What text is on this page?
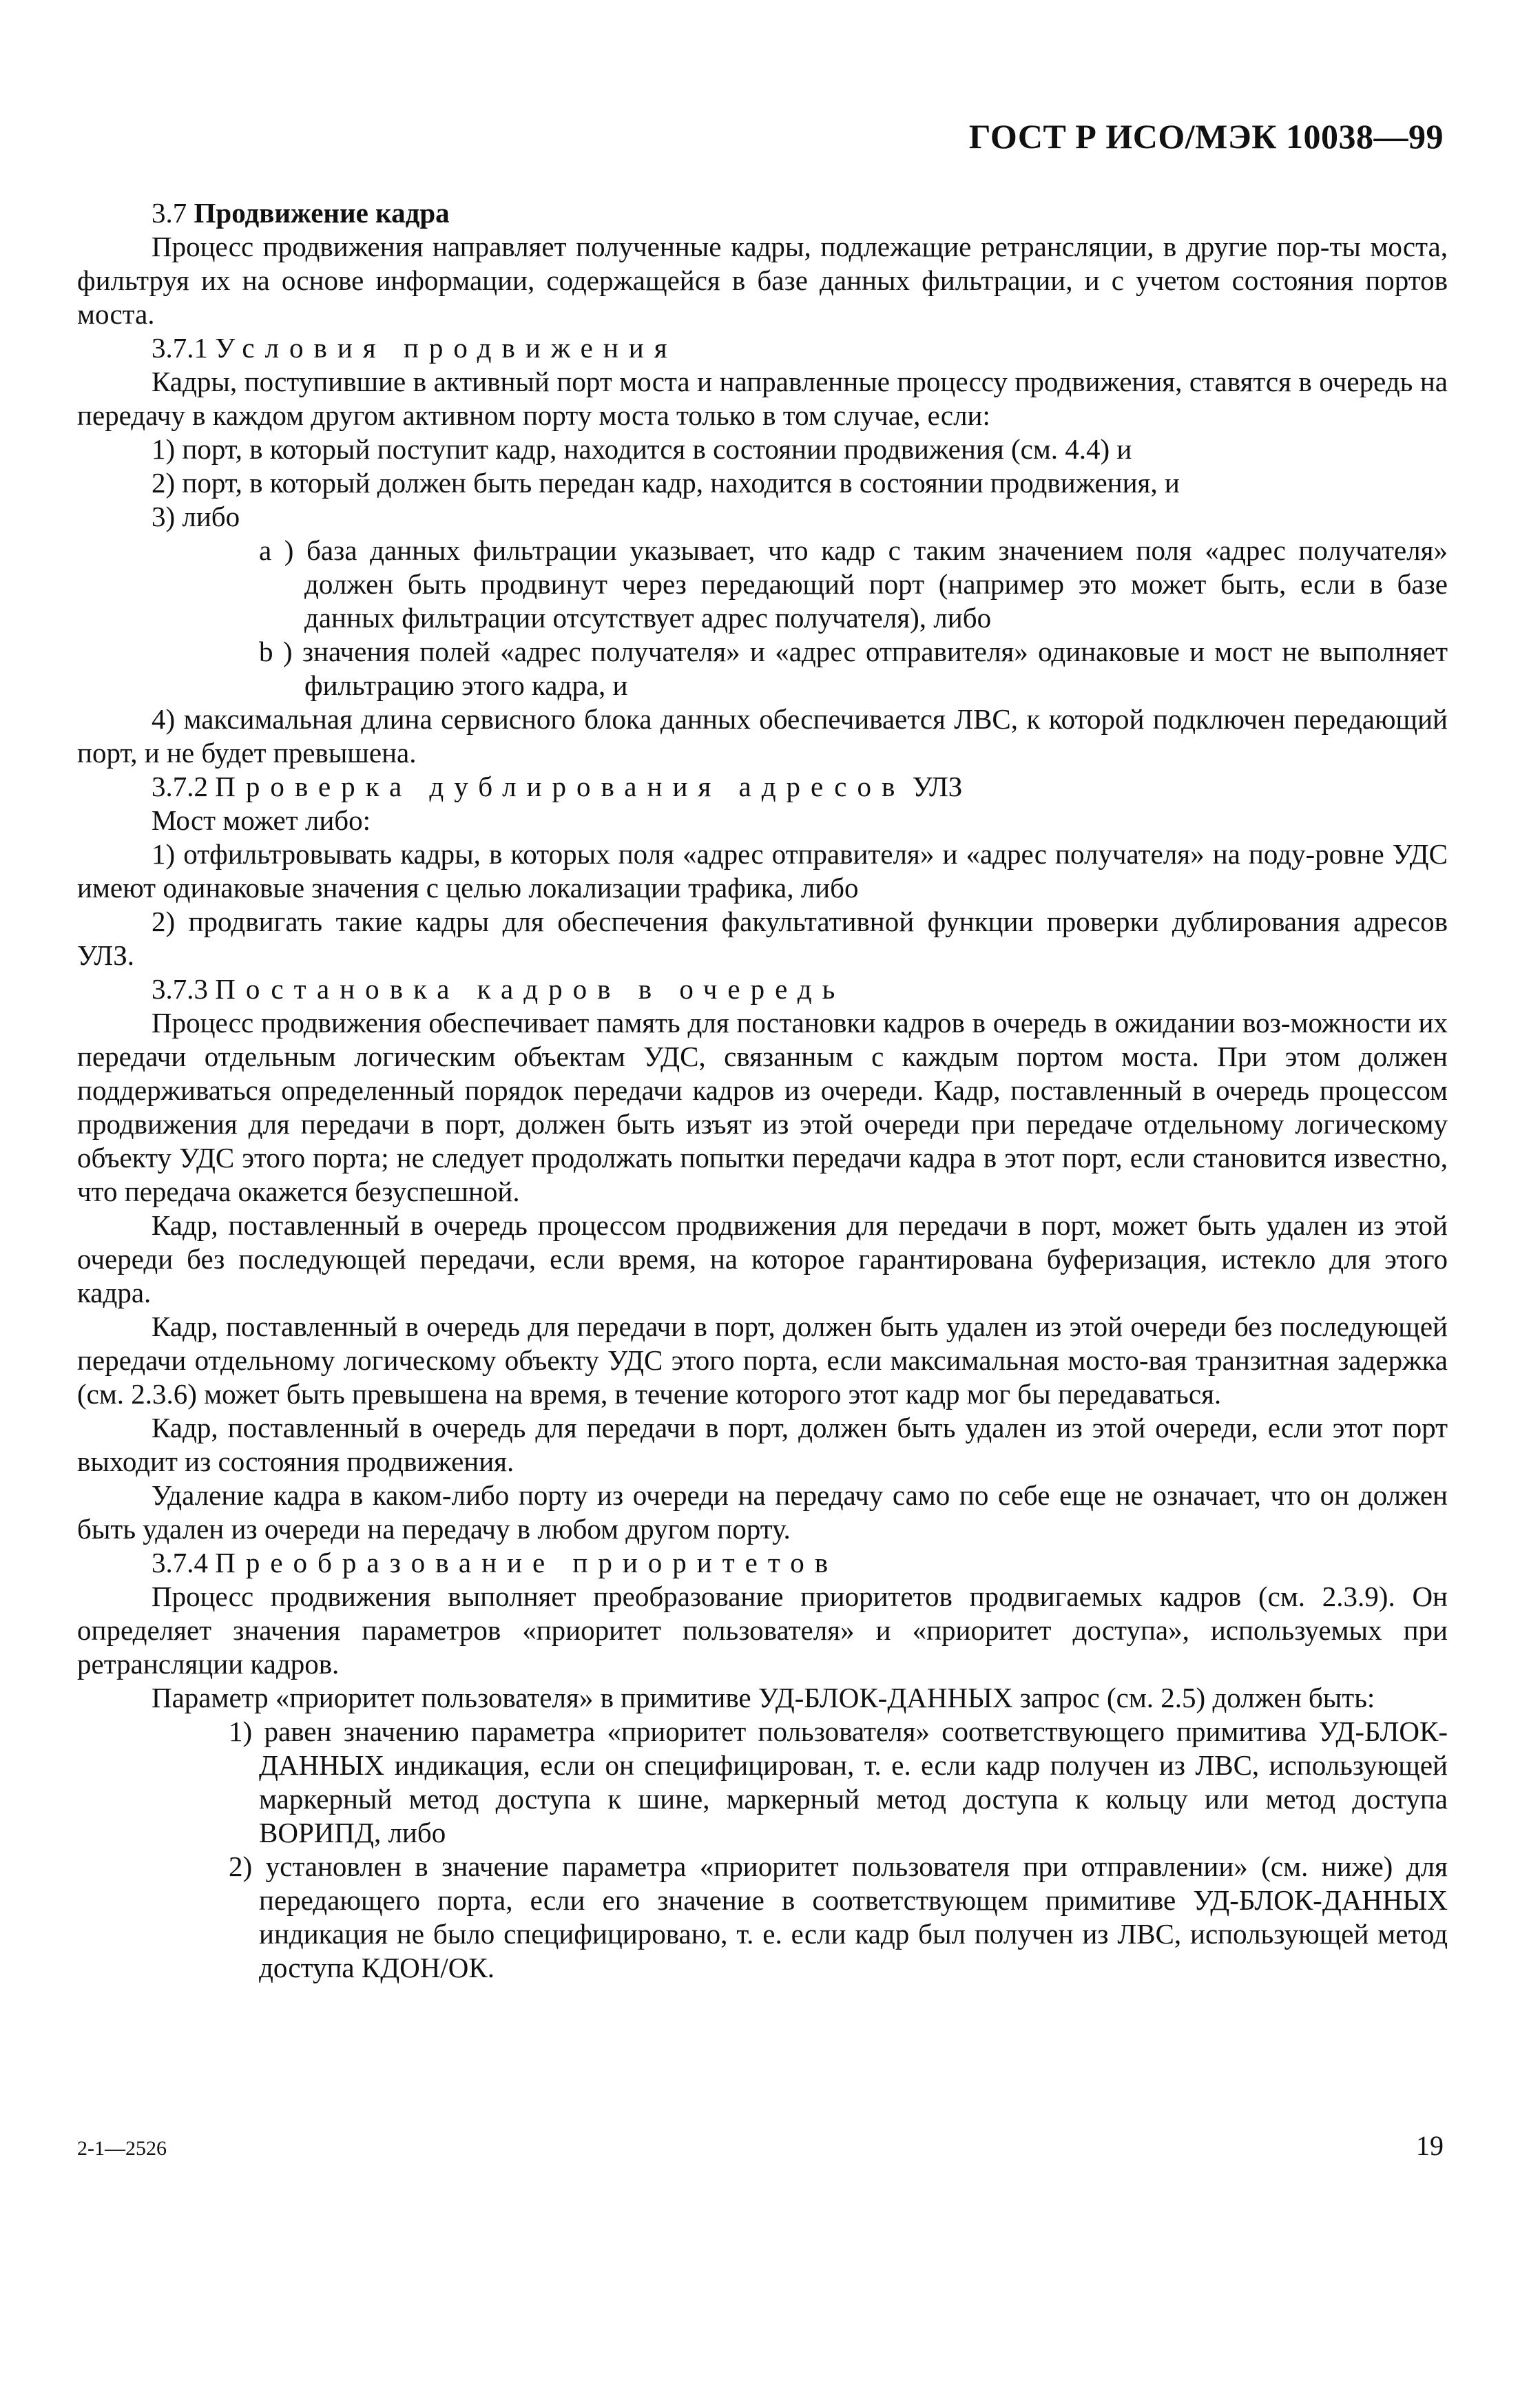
ГОСТ Р ИСО/МЭК 10038—99

3.7 Продвижение кадра

Процесс продвижения направляет полученные кадры, подлежащие ретрансляции, в другие пор-ты моста, фильтруя их на основе информации, содержащейся в базе данных фильтрации, и с учетом состояния портов моста.

3.7.1 Условия продвижения

Кадры, поступившие в активный порт моста и направленные процессу продвижения, ставятся в очередь на передачу в каждом другом активном порту моста только в том случае, если:

1) порт, в который поступит кадр, находится в состоянии продвижения (см. 4.4) и

2) порт, в который должен быть передан кадр, находится в состоянии продвижения, и

3) либо

a ) база данных фильтрации указывает, что кадр с таким значением поля «адрес получателя» должен быть продвинут через передающий порт (например это может быть, если в базе данных фильтрации отсутствует адрес получателя), либо

b ) значения полей «адрес получателя» и «адрес отправителя» одинаковые и мост не выполняет фильтрацию этого кадра, и

4) максимальная длина сервисного блока данных обеспечивается ЛВС, к которой подключен передающий порт, и не будет превышена.

3.7.2 Проверка дублирования адресов УЛЗ

Мост может либо:

1) отфильтровывать кадры, в которых поля «адрес отправителя» и «адрес получателя» на поду-ровне УДС имеют одинаковые значения с целью локализации трафика, либо

2) продвигать такие кадры для обеспечения факультативной функции проверки дублирования адресов УЛЗ.

3.7.3 Постановка кадров в очередь

Процесс продвижения обеспечивает память для постановки кадров в очередь в ожидании воз-можности их передачи отдельным логическим объектам УДС, связанным с каждым портом моста. При этом должен поддерживаться определенный порядок передачи кадров из очереди. Кадр, поставленный в очередь процессом продвижения для передачи в порт, должен быть изъят из этой очереди при передаче отдельному логическому объекту УДС этого порта; не следует продолжать попытки передачи кадра в этот порт, если становится известно, что передача окажется безуспешной.

Кадр, поставленный в очередь процессом продвижения для передачи в порт, может быть удален из этой очереди без последующей передачи, если время, на которое гарантирована буферизация, истекло для этого кадра.

Кадр, поставленный в очередь для передачи в порт, должен быть удален из этой очереди без последующей передачи отдельному логическому объекту УДС этого порта, если максимальная мосто-вая транзитная задержка (см. 2.3.6) может быть превышена на время, в течение которого этот кадр мог бы передаваться.

Кадр, поставленный в очередь для передачи в порт, должен быть удален из этой очереди, если этот порт выходит из состояния продвижения.

Удаление кадра в каком-либо порту из очереди на передачу само по себе еще не означает, что он должен быть удален из очереди на передачу в любом другом порту.

3.7.4 Преобразование приоритетов

Процесс продвижения выполняет преобразование приоритетов продвигаемых кадров (см. 2.3.9). Он определяет значения параметров «приоритет пользователя» и «приоритет доступа», используемых при ретрансляции кадров.

Параметр «приоритет пользователя» в примитиве УД-БЛОК-ДАННЫХ запрос (см. 2.5) должен быть:

1) равен значению параметра «приоритет пользователя» соответствующего примитива УД-БЛОК-ДАННЫХ индикация, если он специфицирован, т. е. если кадр получен из ЛВС, использующей маркерный метод доступа к шине, маркерный метод доступа к кольцу или метод доступа ВОРИПД, либо

2) установлен в значение параметра «приоритет пользователя при отправлении» (см. ниже) для передающего порта, если его значение в соответствующем примитиве УД-БЛОК-ДАННЫХ индикация не было специфицировано, т. е. если кадр был получен из ЛВС, использующей метод доступа КДОН/ОК.

2-1—2526	19
